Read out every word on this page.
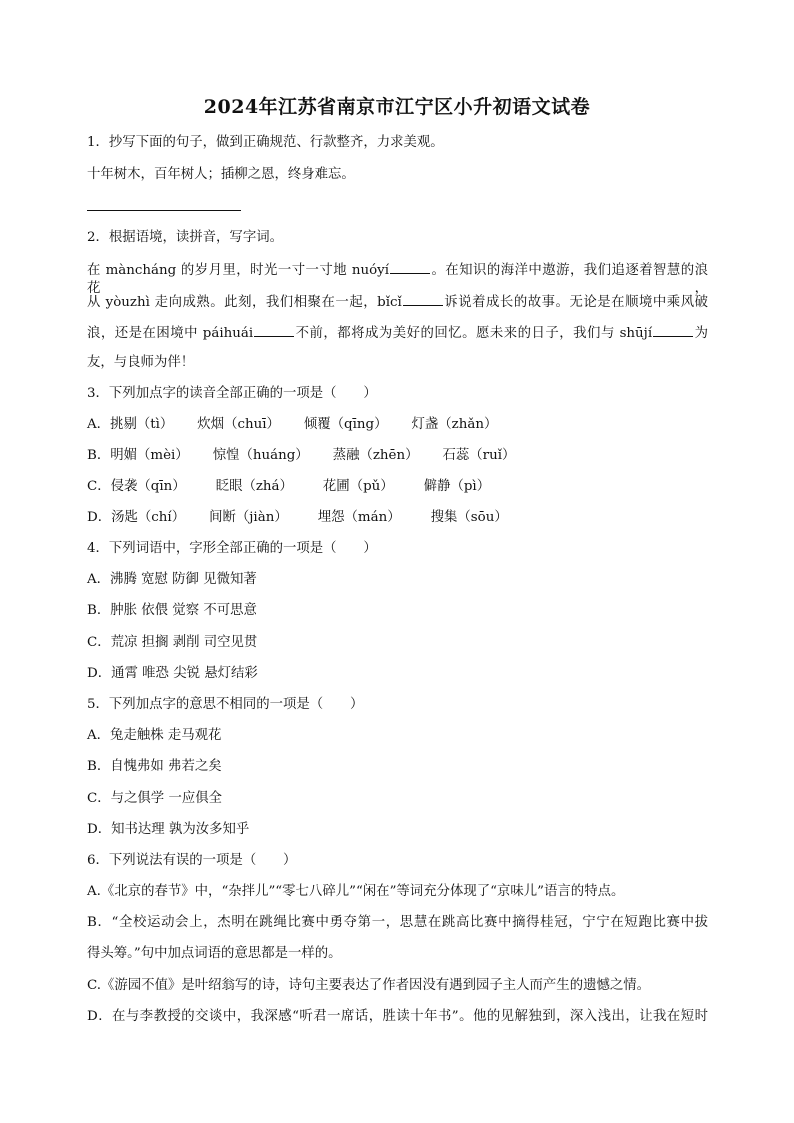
2024年江苏省南京市江宁区小升初语文试卷
1．抄写下面的句子，做到正确规范、行款整齐，力求美观。
十年树木，百年树人；插柳之恩，终身难忘。
2．根据语境，读拼音，写字词。
在 màncháng 的岁月里，时光一寸一寸地 nuóyí	。在知识的海洋中遨游，我们追逐着智慧的浪花，
从 yòuzhì 走向成熟。此刻，我们相聚在一起，bǐcǐ	诉说着成长的故事。无论是在顺境中乘风破
浪，还是在困境中 páihuái	不前，都将成为美好的回忆。愿未来的日子，我们与 shūjí	为
友，与良师为伴！
3．下列加点字的读音全部正确的一项是（　　）
A．挑剔（tì） 炊烟（chuī） 倾覆（qīng） 灯盏（zhǎn）
B．明媚（mèi） 惊惶（huáng） 蒸融（zhēn） 石蕊（ruǐ）
C．侵袭（qīn） 眨眼（zhá） 花圃（pǔ） 僻静（pì）
D．汤匙（chí） 间断（jiàn） 埋怨（mán） 搜集（sōu）
4．下列词语中，字形全部正确的一项是（　　）
A．沸腾 宽慰 防御 见微知著
B．肿胀 依偎 觉察 不可思意
C．荒凉 担搁 剥削 司空见贯
D．通霄 唯恐 尖锐 悬灯结彩
5．下列加点字的意思不相同的一项是（　　）
A．兔走触株 走马观花
B．自愧弗如 弗若之矣
C．与之俱学 一应俱全
D．知书达理 孰为汝多知乎
6．下列说法有误的一项是（　　）
A.《北京的春节》中，“杂拌儿”“零七八碎儿”“闲在”等词充分体现了“京味儿”语言的特点。
B．“全校运动会上，杰明在跳绳比赛中勇夺第一，思慧在跳高比赛中摘得桂冠，宁宁在短跑比赛中拔
得头筹。”句中加点词语的意思都是一样的。
C.《游园不值》是叶绍翁写的诗，诗句主要表达了作者因没有遇到园子主人而产生的遗憾之情。
D．在与李教授的交谈中，我深感“听君一席话，胜读十年书”。他的见解独到，深入浅出，让我在短时
